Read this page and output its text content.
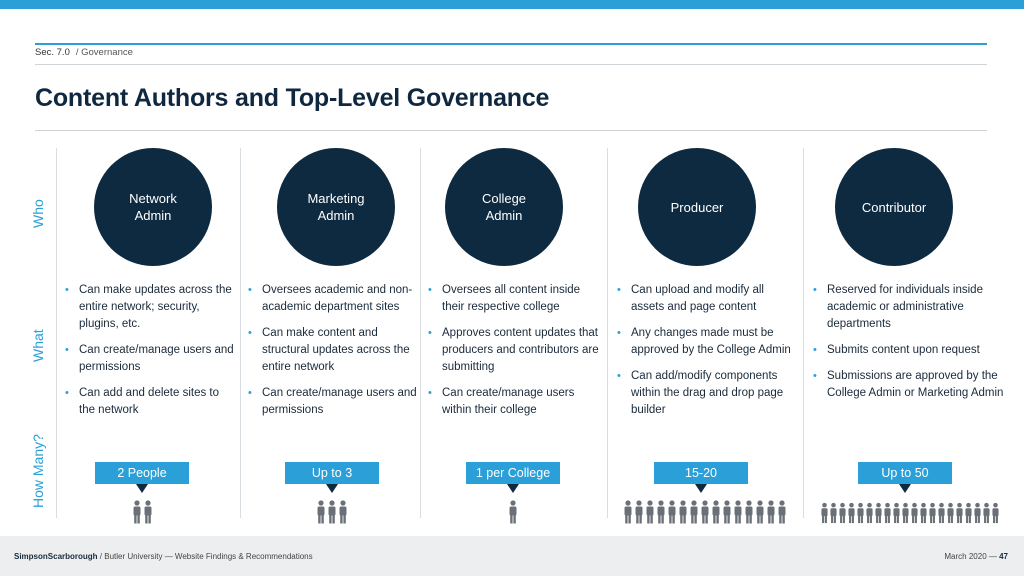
Sec. 7.0 / Governance
Content Authors and Top-Level Governance
Who
What
How Many?
Network
Admin
• Can make updates across the entire network; security, plugins, etc.
• Can create/manage users and permissions
• Can add and delete sites to the network
2 People
Marketing
Admin
• Oversees academic and non-academic department sites
• Can make content and structural updates across the entire network
• Can create/manage users and permissions
Up to 3
College
Admin
• Oversees all content inside their respective college
• Approves content updates that producers and contributors are submitting
• Can create/manage users within their college
1 per College
Producer
• Can upload and modify all assets and page content
• Any changes made must be approved by the College Admin
• Can add/modify components within the drag and drop page builder
15-20
Contributor
• Reserved for individuals inside academic or administrative departments
• Submits content upon request
• Submissions are approved by the College Admin or Marketing Admin
Up to 50
SimpsonScarborough / Butler University — Website Findings & Recommendations	March 2020 — 47
